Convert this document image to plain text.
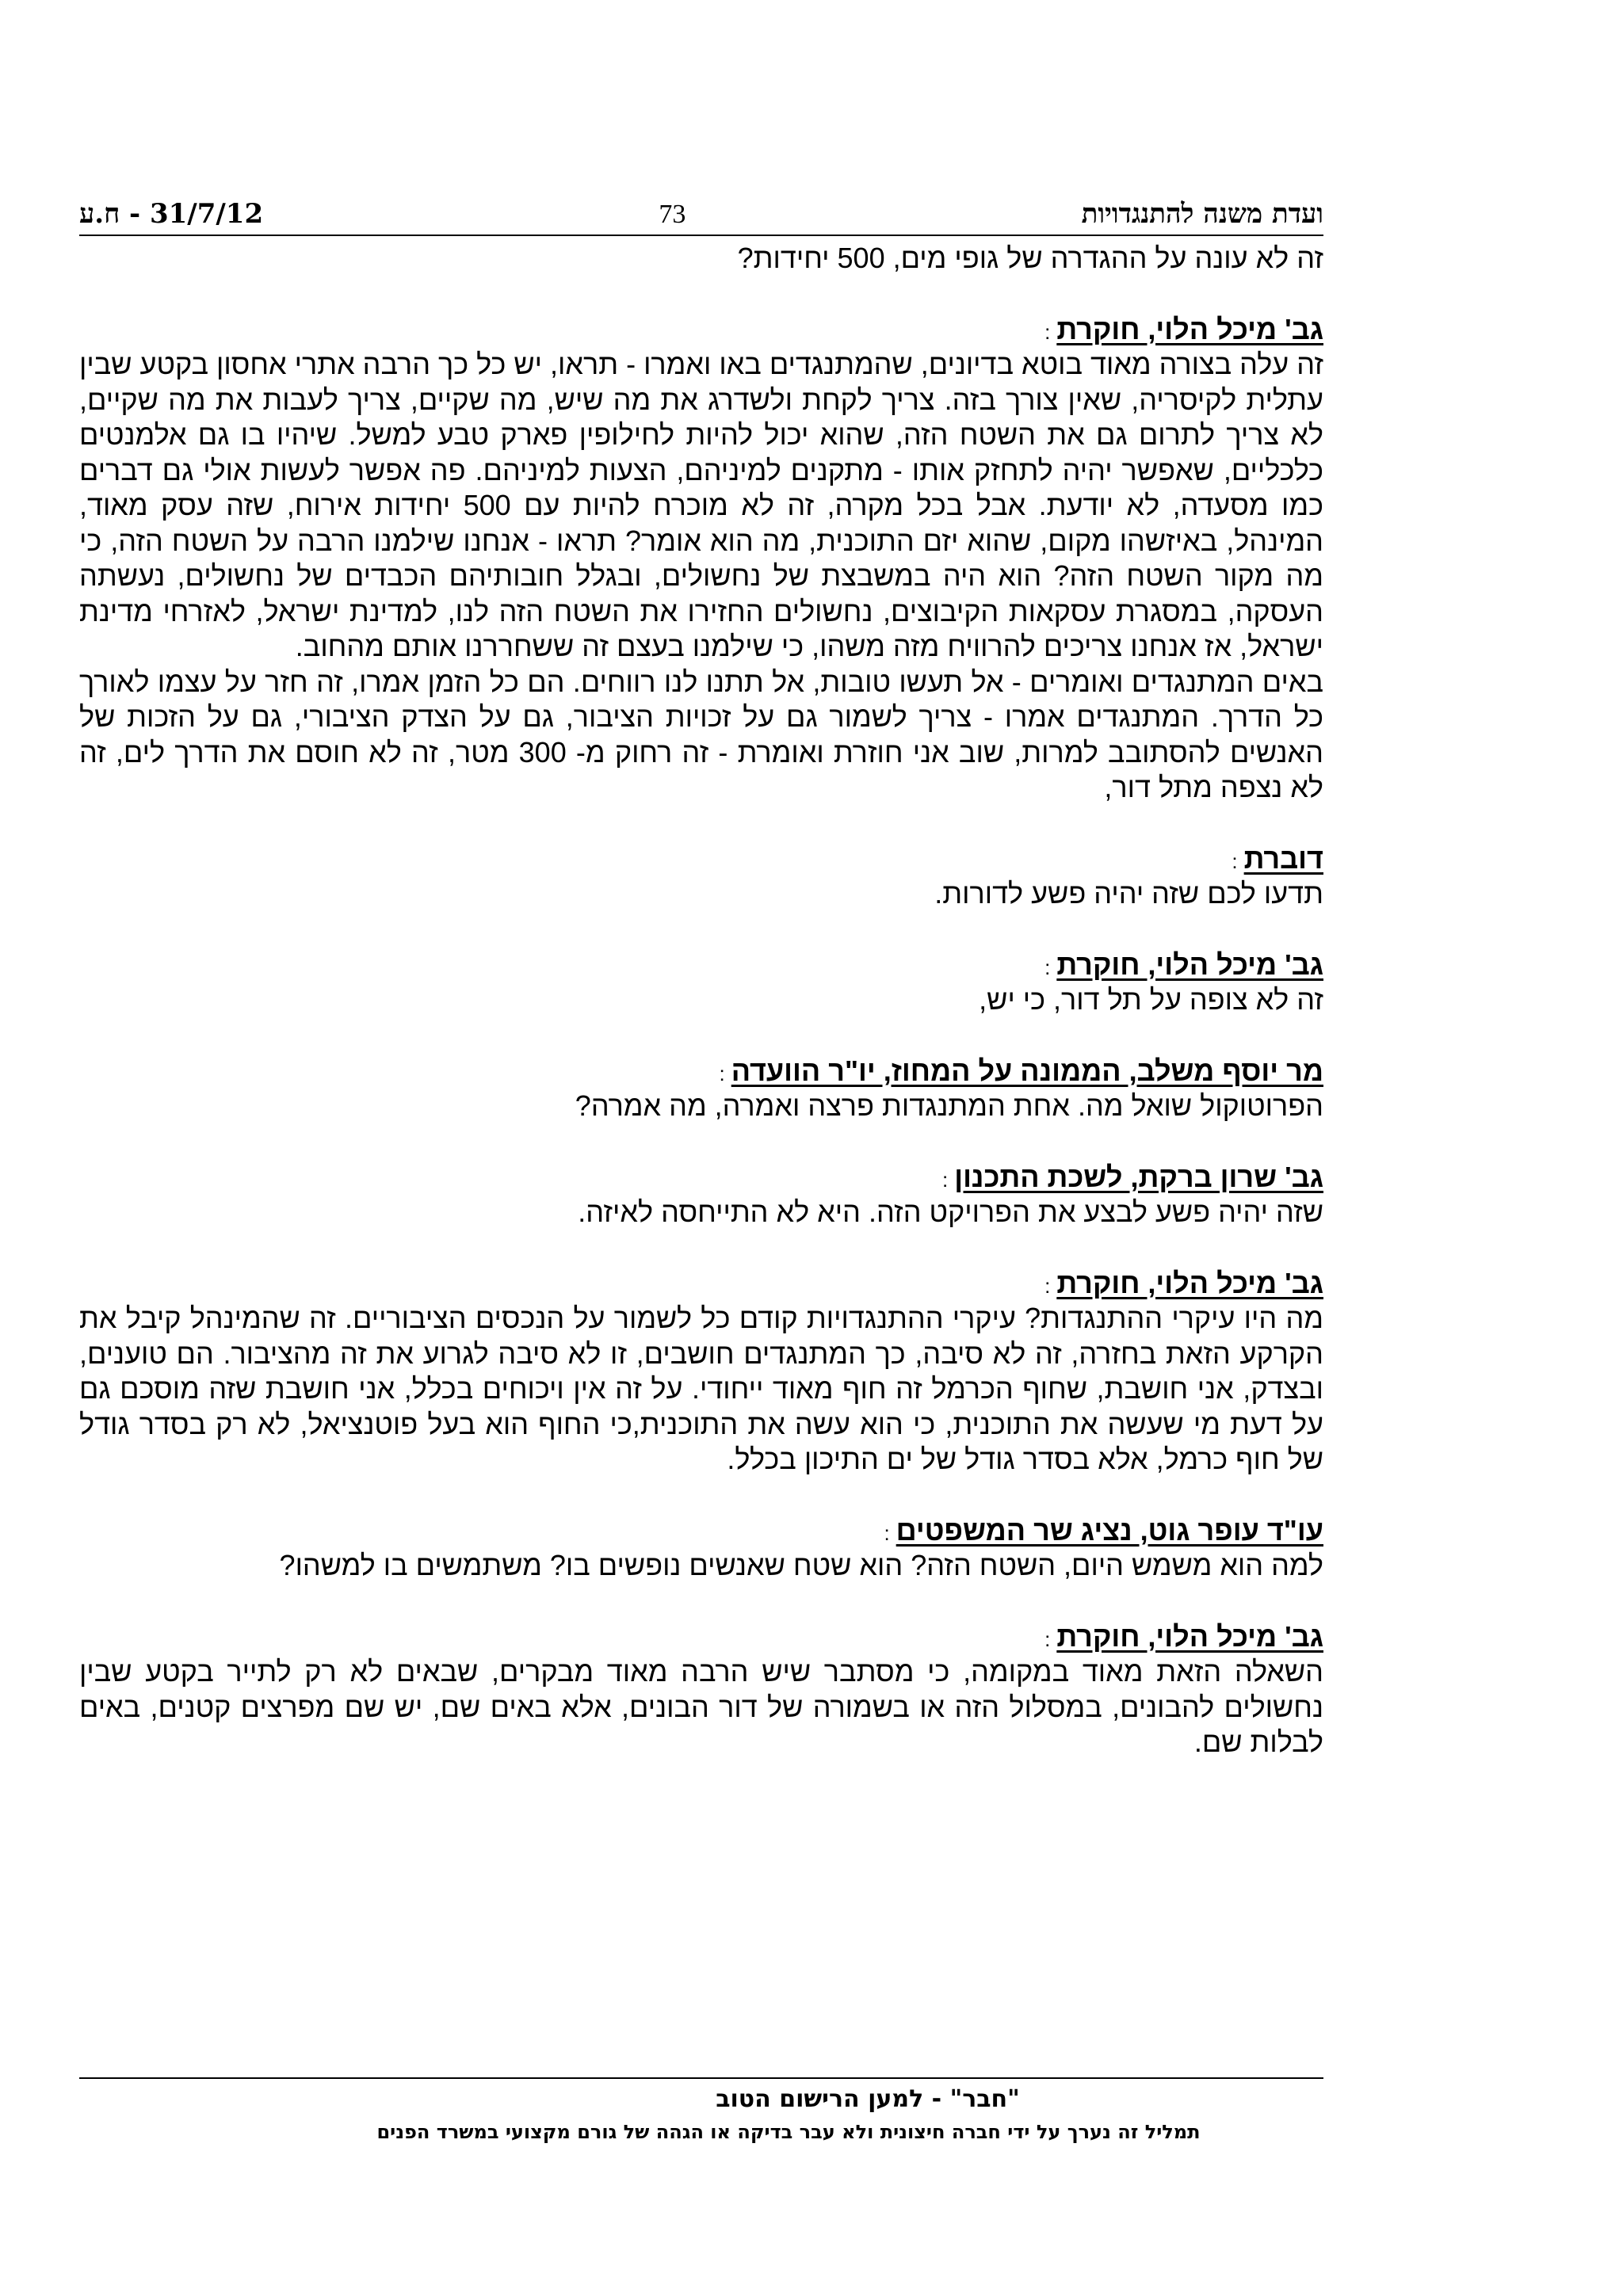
ועדת משנה להתנגדויות
73
31/7/12 - ח.ע

זה לא עונה על ההגדרה של גופי מים, 500 יחידות?

גב' מיכל הלוי, חוקרת:

זה עלה בצורה מאוד בוטא בדיונים, שהמתנגדים באו ואמרו - תראו, יש כל כך הרבה אתרי אחסון בקטע שבין עתלית לקיסריה, שאין צורך בזה. צריך לקחת ולשדרג את מה שיש, מה שקיים, צריך לעבות את מה שקיים, לא צריך לתרום גם את השטח הזה, שהוא יכול להיות לחילופין פארק טבע למשל. שיהיו בו גם אלמנטים כלכליים, שאפשר יהיה לתחזק אותו - מתקנים למיניהם, הצעות למיניהם. פה אפשר לעשות אולי גם דברים כמו מסעדה, לא יודעת. אבל בכל מקרה, זה לא מוכרח להיות עם 500 יחידות אירוח, שזה עסק מאוד, המינהל, באיזשהו מקום, שהוא יזם התוכנית, מה הוא אומר? תראו - אנחנו שילמנו הרבה על השטח הזה, כי מה מקור השטח הזה? הוא היה במשבצת של נחשולים, ובגלל חובותיהם הכבדים של נחשולים, נעשתה העסקה, במסגרת עסקאות הקיבוצים, נחשולים החזירו את השטח הזה לנו, למדינת ישראל, לאזרחי מדינת ישראל, אז אנחנו צריכים להרוויח מזה משהו, כי שילמנו בעצם זה ששחררנו אותם מהחוב.

באים המתנגדים ואומרים - אל תעשו טובות, אל תתנו לנו רווחים. הם כל הזמן אמרו, זה חזר על עצמו לאורך כל הדרך. המתנגדים אמרו - צריך לשמור גם על זכויות הציבור, גם על הצדק הציבורי, גם על הזכות של האנשים להסתובב למרות, שוב אני חוזרת ואומרת - זה רחוק מ- 300 מטר, זה לא חוסם את הדרך לים, זה לא נצפה מתל דור,

דוברת:

תדעו לכם שזה יהיה פשע לדורות.

גב' מיכל הלוי, חוקרת:

זה לא צופה על תל דור, כי יש,

מר יוסף משלב, הממונה על המחוז, יו"ר הוועדה:

הפרוטוקול שואל מה. אחת המתנגדות פרצה ואמרה, מה אמרה?

גב' שרון ברקת, לשכת התכנון:

שזה יהיה פשע לבצע את הפרויקט הזה. היא לא התייחסה לאיזה.

גב' מיכל הלוי, חוקרת:

מה היו עיקרי ההתנגדות? עיקרי ההתנגדויות קודם כל לשמור על הנכסים הציבוריים. זה שהמינהל קיבל את הקרקע הזאת בחזרה, זה לא סיבה, כך המתנגדים חושבים, זו לא סיבה לגרוע את זה מהציבור. הם טוענים, ובצדק, אני חושבת, שחוף הכרמל זה חוף מאוד ייחודי. על זה אין ויכוחים בכלל, אני חושבת שזה מוסכם גם על דעת מי שעשה את התוכנית, כי הוא עשה את התוכנית,כי החוף הוא בעל פוטנציאל, לא רק בסדר גודל של חוף כרמל, אלא בסדר גודל של ים התיכון בכלל.

עו"ד עופר גוט, נציג שר המשפטים:

למה הוא משמש היום, השטח הזה? הוא שטח שאנשים נופשים בו? משתמשים בו למשהו?

גב' מיכל הלוי, חוקרת:

השאלה הזאת מאוד במקומה, כי מסתבר שיש הרבה מאוד מבקרים, שבאים לא רק לתייר בקטע שבין נחשולים להבונים, במסלול הזה או בשמורה של דור הבונים, אלא באים שם, יש שם מפרצים קטנים, באים לבלות שם.

"חבר" - למען הרישום הטוב
תמליל זה נערך על ידי חברה חיצונית ולא עבר בדיקה או הגהה של גורם מקצועי במשרד הפנים
